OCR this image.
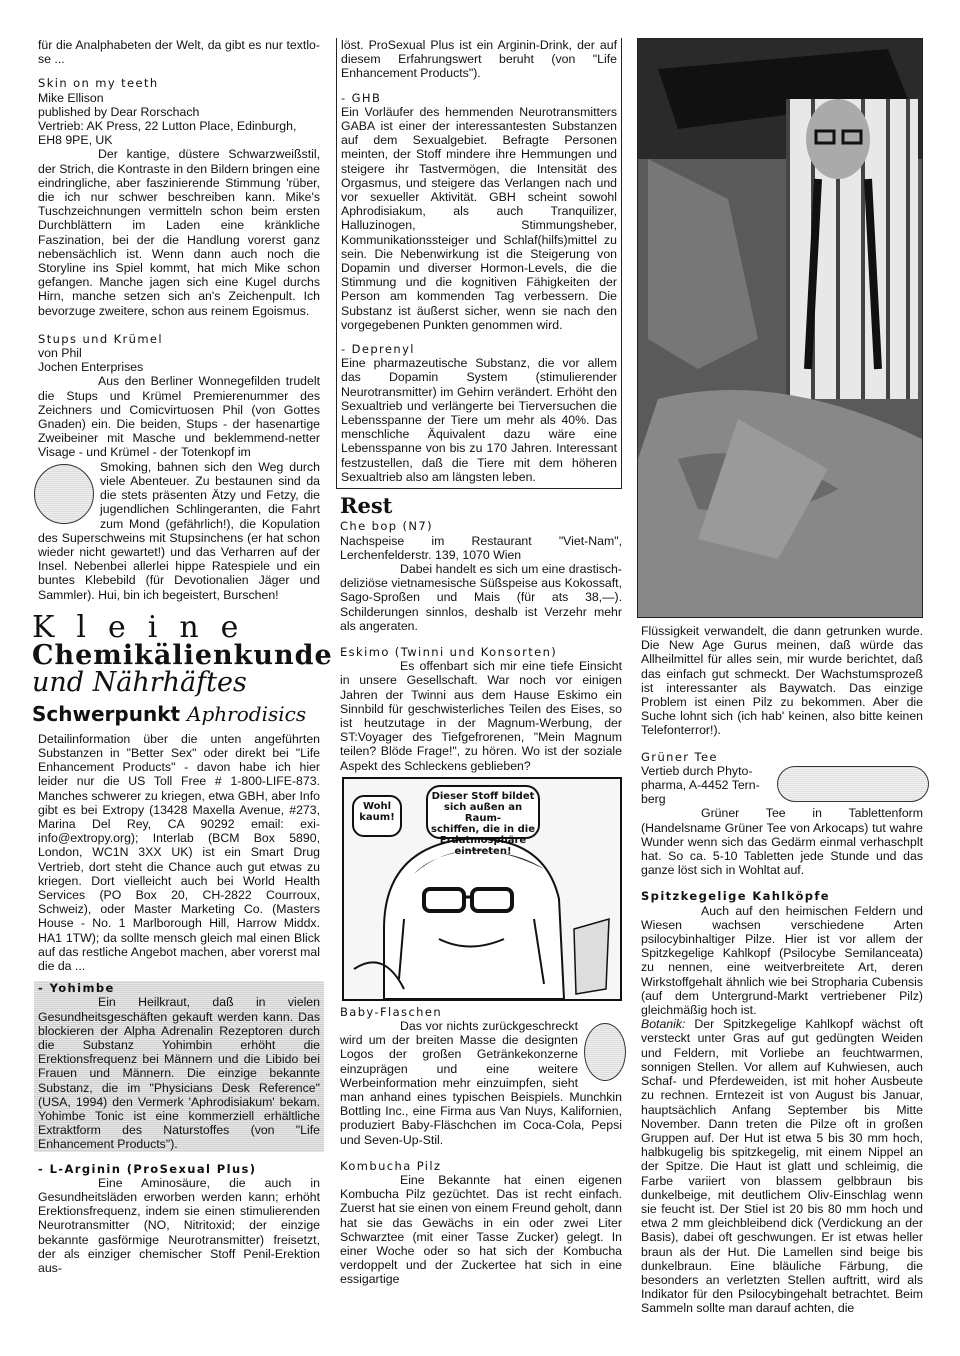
für die Analphabeten der Welt, da gibt es nur textlose ...

Skin on my teeth
Mike Ellison
published by Dear Rorschach
Vertrieb: AK Press, 22 Lutton Place, Edinburgh, EH8 9PE, UK

Der kantige, düstere Schwarzweißstil, der Strich, die Kontraste in den Bildern bringen eine eindringliche, aber faszinierende Stimmung 'rüber, die ich nur schwer beschreiben kann. Mike's Tuschzeichnungen vermitteln schon beim ersten Durchblättern im Laden eine kränkliche Faszination, bei der die Handlung vorerst ganz nebensächlich ist. Wenn dann auch noch die Storyline ins Spiel kommt, hat mich Mike schon gefangen. Manche jagen sich eine Kugel durchs Hirn, manche setzen sich an's Zeichenpult. Ich bevorzuge zweitere, schon aus reinem Egoismus.

Stups und Krümel
von Phil
Jochen Enterprises

Aus den Berliner Wonnegefilden trudelt die Stups und Krümel Premierenummer des Zeichners und Comicvirtuosen Phil (von Gottes Gnaden) ein. Die beiden, Stups - der hasenartige Zweibeiner mit Masche und beklemmend-netter Visage - und Krümel - der Totenkopf im

Smoking, bahnen sich den Weg durch viele Abenteuer. Zu bestaunen sind da die stets präsenten Ätzy und Fetzy, die jugendlichen Schlingeranten, die Fahrt zum Mond (gefährlich!), die Kopulation des Superschweins mit Stupsinchens (er hat schon wieder nicht gewartet!) und das Verharren auf der Insel. Nebenbei allerlei hippe Ratespiele und ein buntes Klebebild (für Devotionalien Jäger und Sammler). Hui, bin ich begeistert, Burschen!

Kleine
Chemikälienkunde
und Nährhäftes
Schwerpunkt Aphrodisics

Detailinformation über die unten angeführten Substanzen in "Better Sex" oder direkt bei "Life Enhancement Products" - davon habe ich hier leider nur die US Toll Free # 1-800-LIFE-873. Manches schwerer zu kriegen, etwa GBH, aber Info gibt es bei Extropy (13428 Maxella Avenue, #273, Marina Del Rey, CA 90292 email: exi-info@extropy.org); Interlab (BCM Box 5890, London, WC1N 3XX UK) ist ein Smart Drug Vertrieb, dort steht die Chance auch gut etwas zu kriegen. Dort vielleicht auch bei World Health Services (PO Box 20, CH-2822 Courroux, Schweiz), oder Master Marketing Co. (Masters House - No. 1 Marlborough Hill, Harrow Middx. HA1 1TW); da sollte mensch gleich mal einen Blick auf das restliche Angebot machen, aber vorerst mal die da ...

- Yohimbe

Ein Heilkraut, daß in vielen Gesundheitsgeschäften gekauft werden kann. Das blockieren der Alpha Adrenalin Rezeptoren durch die Substanz Yohimbin erhöht die Erektionsfrequenz bei Männern und die Libido bei Frauen und Männern. Die einzige bekannte Substanz, die im "Physicians Desk Reference" (USA, 1994) den Vermerk 'Aphrodisiakum' bekam. Yohimbe Tonic ist eine kommerziell erhältliche Extraktform des Naturstoffes (von "Life Enhancement Products").

- L-Arginin (ProSexual Plus)

Eine Aminosäure, die auch in Gesundheitsläden erworben werden kann; erhöht Erektionsfrequenz, indem sie einen stimulierenden Neurotransmitter (NO, Nitritoxid; der einzige bekannte gasförmige Neurotransmitter) freisetzt, der als einziger chemischer Stoff Penil-Erektion aus-

löst. ProSexual Plus ist ein Arginin-Drink, der auf diesem Erfahrungswert beruht (von "Life Enhancement Products").

- GHB

Ein Vorläufer des hemmenden Neurotransmitters GABA ist einer der interessantesten Substanzen auf dem Sexualgebiet. Befragte Personen meinten, der Stoff mindere ihre Hemmungen und steigere ihr Tastvermögen, die Intensität des Orgasmus, und steigere das Verlangen nach und vor sexueller Aktivität. GBH scheint sowohl Aphrodisiakum, als auch Tranquilizer, Halluzinogen, Stimmungsheber, Kommunikationssteiger und Schlaf(hilfs)mittel zu sein. Die Nebenwirkung ist die Steigerung von Dopamin und diverser Hormon-Levels, die die Stimmung und die kognitiven Fähigkeiten der Person am kommenden Tag verbessern. Die Substanz ist äußerst sicher, wenn sie nach den vorgegebenen Punkten genommen wird.

- Deprenyl

Eine pharmazeutische Substanz, die vor allem das Dopamin System (stimulierender Neurotransmitter) im Gehirn verändert. Erhöht den Sexualtrieb und verlängerte bei Tierversuchen die Lebensspanne der Tiere um mehr als 40%. Das menschliche Äquivalent dazu wäre eine Lebensspanne von bis zu 170 Jahren. Interessant festzustellen, daß die Tiere mit dem höheren Sexualtrieb also am längsten leben.

Rest
Che bop (N7)

Nachspeise im Restaurant "Viet-Nam", Lerchenfelderstr. 139, 1070 Wien

Dabei handelt es sich um eine drastisch-deliziöse vietnamesische Süßspeise aus Kokossaft, Sago-Sproßen und Mais (für ats 38,—). Schilderungen sinnlos, deshalb ist Verzehr mehr als angeraten.

Eskimo (Twinni und Konsorten)

Es offenbart sich mir eine tiefe Einsicht in unsere Gesellschaft. War noch vor einigen Jahren der Twinni aus dem Hause Eskimo ein Sinnbild für geschwisterliches Teilen des Eises, so ist heutzutage in der Magnum-Werbung, der ST:Voyager des Tiefgefrorenen, "Mein Magnum teilen? Blöde Frage!", zu hören. Wo ist der soziale Aspekt des Schleckens geblieben?

Wohl
kaum!
Dieser Stoff bildet
sich außen an Raum-
schiffen, die in die
Erdatmosphäre
eintreten!
Baby-Flaschen

Das vor nichts zurückgeschreckt wird um der breiten Masse die designten Logos der großen Getränkekonzerne einzuprägen und eine weitere Werbeinformation mehr einzuimpfen, sieht man anhand eines typischen Beispiels. Munchkin Bottling Inc., eine Firma aus Van Nuys, Kalifornien, produziert Baby-Fläschchen im Coca-Cola, Pepsi und Seven-Up-Stil.

Kombucha Pilz

Eine Bekannte hat einen eigenen Kombucha Pilz gezüchtet. Das ist recht einfach. Zuerst hat sie einen von einem Freund geholt, dann hat sie das Gewächs in ein oder zwei Liter Schwarztee (mit einer Tasse Zucker) gelegt. In einer Woche oder so hat sich der Kombucha verdoppelt und der Zuckertee hat sich in eine essigartige

Flüssigkeit verwandelt, die dann getrunken wurde. Die New Age Gurus meinen, daß würde das Allheilmittel für alles sein, mir wurde berichtet, daß das einfach gut schmeckt. Der Wachstumsprozeß ist interessanter als Baywatch. Das einzige Problem ist einen Pilz zu bekommen. Aber die Suche lohnt sich (ich hab' keinen, also bitte keinen Telefonterror!).

Grüner Tee
Vertieb durch Phytopharma, A-4452 Ternberg

Grüner Tee in Tablettenform (Handelsname Grüner Tee von Arkocaps) tut wahre Wunder wenn sich das Gedärm einmal verhaschplt hat. So ca. 5-10 Tabletten jede Stunde und das ganze löst sich in Wohltat auf.

Spitzkegelige Kahlköpfe

Auch auf den heimischen Feldern und Wiesen wachsen verschiedene Arten psilocybinhaltiger Pilze. Hier ist vor allem der Spitzkegelige Kahlkopf (Psilocybe Semilanceata) zu nennen, eine weitverbreitete Art, deren Wirkstoffgehalt ähnlich wie bei Stropharia Cubensis (auf dem Untergrund-Markt vertriebener Pilz) gleichmäßig hoch ist.

Botanik: Der Spitzkegelige Kahlkopf wächst oft versteckt unter Gras auf gut gedüngten Weiden und Feldern, mit Vorliebe an feuchtwarmen, sonnigen Stellen. Vor allem auf Kuhwiesen, auch Schaf- und Pferdeweiden, ist mit hoher Ausbeute zu rechnen. Erntezeit ist von August bis Januar, hauptsächlich Anfang September bis Mitte November. Dann treten die Pilze oft in großen Gruppen auf. Der Hut ist etwa 5 bis 30 mm hoch, halbkugelig bis spitzkegelig, mit einem Nippel an der Spitze. Die Haut ist glatt und schleimig, die Farbe variiert von blassem gelbbraun bis dunkelbeige, mit deutlichem Oliv-Einschlag wenn sie feucht ist. Der Stiel ist 20 bis 80 mm hoch und etwa 2 mm gleichbleibend dick (Verdickung an der Basis), dabei oft geschwungen. Er ist etwas heller braun als der Hut. Die Lamellen sind beige bis dunkelbraun. Eine bläuliche Färbung, die besonders an verletzten Stellen auftritt, wird als Indikator für den Psilocybingehalt betrachtet. Beim Sammeln sollte man darauf achten, die
